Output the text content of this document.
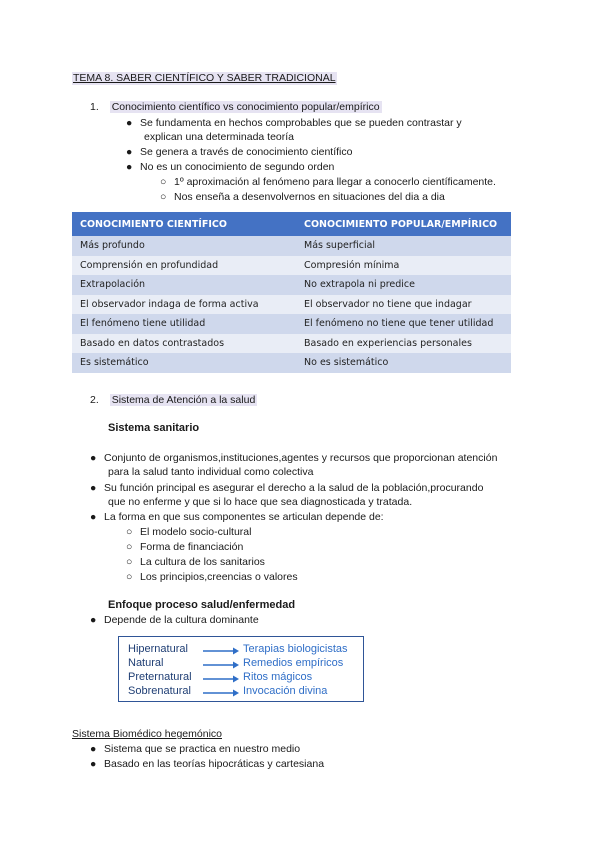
TEMA 8. SABER CIENTÍFICO Y SABER TRADICIONAL
1. Conocimiento científico vs conocimiento popular/empírico
● Se fundamenta en hechos comprobables que se pueden contrastar y
explican una determinada teoría
● Se genera a través de conocimiento científico
● No es un conocimiento de segundo orden
○ 1º aproximación al fenómeno para llegar a conocerlo científicamente.
○ Nos enseña a desenvolvernos en situaciones del dia a dia
CONOCIMIENTO CIENTÍFICO	CONOCIMIENTO POPULAR/EMPÍRICO
Más profundo	Más superficial
Comprensión en profundidad	Compresión mínima
Extrapolación	No extrapola ni predice
El observador indaga de forma activa	El observador no tiene que indagar
El fenómeno tiene utilidad	El fenómeno no tiene que tener utilidad
Basado en datos contrastados	Basado en experiencias personales
Es sistemático	No es sistemático
2. Sistema de Atención a la salud
Sistema sanitario
● Conjunto de organismos,instituciones,agentes y recursos que proporcionan atención
para la salud tanto individual como colectiva
● Su función principal es asegurar el derecho a la salud de la población,procurando
que no enferme y que si lo hace que sea diagnosticada y tratada.
● La forma en que sus componentes se articulan depende de:
○ El modelo socio-cultural
○ Forma de financiación
○ La cultura de los sanitarios
○ Los principios,creencias o valores
Enfoque proceso salud/enfermedad
● Depende de la cultura dominante
Hipernatural	Terapias biologicistas
Natural	Remedios empíricos
Preternatural	Ritos mágicos
Sobrenatural	Invocación divina
Sistema Biomédico hegemónico
● Sistema que se practica en nuestro medio
● Basado en las teorías hipocráticas y cartesiana
